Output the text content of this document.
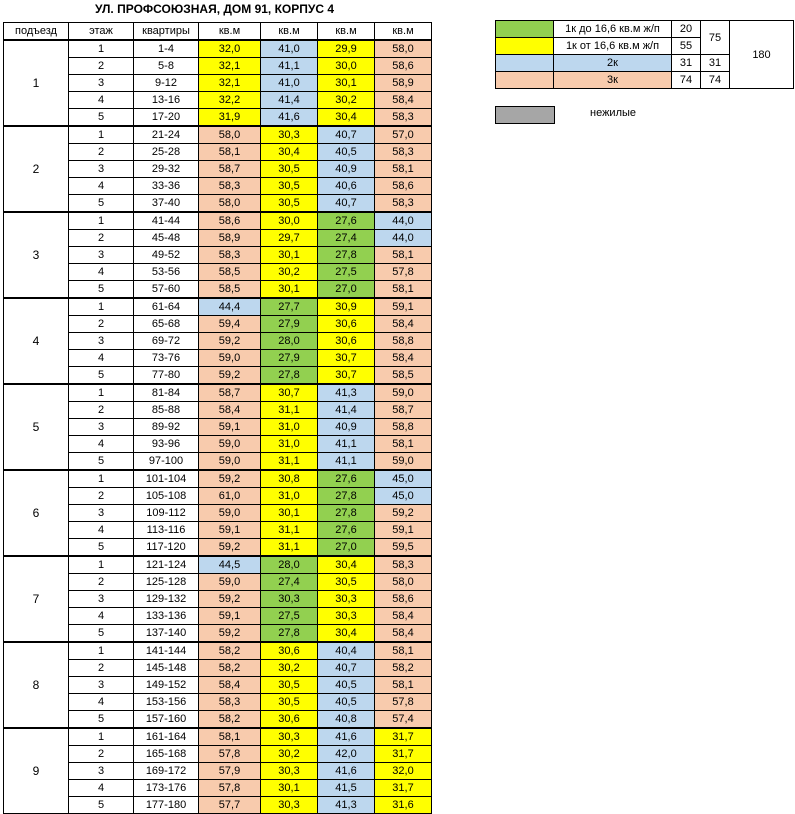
УЛ. ПРОФСОЮЗНАЯ, ДОМ 91, КОРПУС 4
подъезд	этаж	квартиры	кв.м	кв.м	кв.м	кв.м
1	1	1-4	32,0	41,0	29,9	58,0
	2	5-8	32,1	41,1	30,0	58,6
	3	9-12	32,1	41,0	30,1	58,9
	4	13-16	32,2	41,4	30,2	58,4
	5	17-20	31,9	41,6	30,4	58,3
2	1	21-24	58,0	30,3	40,7	57,0
	2	25-28	58,1	30,4	40,5	58,3
	3	29-32	58,7	30,5	40,9	58,1
	4	33-36	58,3	30,5	40,6	58,6
	5	37-40	58,0	30,5	40,7	58,3
3	1	41-44	58,6	30,0	27,6	44,0
	2	45-48	58,9	29,7	27,4	44,0
	3	49-52	58,3	30,1	27,8	58,1
	4	53-56	58,5	30,2	27,5	57,8
	5	57-60	58,5	30,1	27,0	58,1
4	1	61-64	44,4	27,7	30,9	59,1
	2	65-68	59,4	27,9	30,6	58,4
	3	69-72	59,2	28,0	30,6	58,8
	4	73-76	59,0	27,9	30,7	58,4
	5	77-80	59,2	27,8	30,7	58,5
5	1	81-84	58,7	30,7	41,3	59,0
	2	85-88	58,4	31,1	41,4	58,7
	3	89-92	59,1	31,0	40,9	58,8
	4	93-96	59,0	31,0	41,1	58,1
	5	97-100	59,0	31,1	41,1	59,0
6	1	101-104	59,2	30,8	27,6	45,0
	2	105-108	61,0	31,0	27,8	45,0
	3	109-112	59,0	30,1	27,8	59,2
	4	113-116	59,1	31,1	27,6	59,1
	5	117-120	59,2	31,1	27,0	59,5
7	1	121-124	44,5	28,0	30,4	58,3
	2	125-128	59,0	27,4	30,5	58,0
	3	129-132	59,2	30,3	30,3	58,6
	4	133-136	59,1	27,5	30,3	58,4
	5	137-140	59,2	27,8	30,4	58,4
8	1	141-144	58,2	30,6	40,4	58,1
	2	145-148	58,2	30,2	40,7	58,2
	3	149-152	58,4	30,5	40,5	58,1
	4	153-156	58,3	30,5	40,5	57,8
	5	157-160	58,2	30,6	40,8	57,4
9	1	161-164	58,1	30,3	41,6	31,7
	2	165-168	57,8	30,2	42,0	31,7
	3	169-172	57,9	30,3	41,6	32,0
	4	173-176	57,8	30,1	41,5	31,7
	5	177-180	57,7	30,3	41,3	31,6
	1к до 16,6 кв.м ж/п	20	75	180
	1к от 16,6 кв.м ж/п	55		
	2к	31	31	
	3к	74	74	
нежилые
